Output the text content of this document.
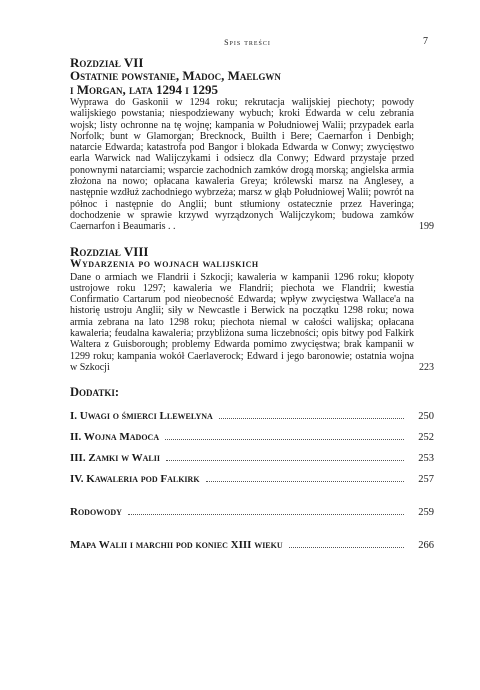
Spis treści	7
Rozdział VII
Ostatnie powstanie, Madoc, Maelgwn
i Morgan, lata 1294 i 1295
Wyprawa do Gaskonii w 1294 roku; rekrutacja walijskiej piechoty; powody walijskiego powstania; niespodziewany wybuch; kroki Edwarda w celu zebrania wojsk; listy ochronne na tę wojnę; kampania w Południowej Walii; przypadek earla Norfolk; bunt w Glamorgan; Brecknock, Builth i Bere; Caernarfon i Denbigh; natarcie Edwarda; katastrofa pod Bangor i blokada Edwarda w Conwy; zwycięstwo earla Warwick nad Walijczykami i odsiecz dla Conwy; Edward przystaje przed ponownymi natarciami; wsparcie zachodnich zamków drogą morską; angielska armia złożona na nowo; opłacana kawaleria Greya; królewski marsz na Anglesey, a następnie wzdłuż zachodniego wybrzeża; marsz w głąb Południowej Walii; powrót na północ i następnie do Anglii; bunt stłumiony ostatecznie przez Haveringa; dochodzenie w sprawie krzywd wyrządzonych Walijczykom; budowa zamków Caernarfon i Beaumaris . .	199
Rozdział VIII
Wydarzenia po wojnach walijskich
Dane o armiach we Flandrii i Szkocji; kawaleria w kampanii 1296 roku; kłopoty ustrojowe roku 1297; kawaleria we Flandrii; piechota we Flandrii; kwestia Confirmatio Cartarum pod nieobecność Edwarda; wpływ zwycięstwa Wallace'a na historię ustroju Anglii; siły w Newcastle i Berwick na początku 1298 roku; nowa armia zebrana na lato 1298 roku; piechota niemal w całości walijska; opłacana kawaleria; feudalna kawaleria; przybliżona suma liczebności; opis bitwy pod Falkirk Waltera z Guisborough; problemy Edwarda pomimo zwycięstwa; brak kampanii w 1299 roku; kampania wokół Caerlaverock; Edward i jego baronowie; ostatnia wojna w Szkocji	223
Dodatki:
I. Uwagi o śmierci Llewelyna	250
II. Wojna Madoca	252
III. Zamki w Walii	253
IV. Kawaleria pod Falkirk	257
Rodowody	259
Mapa Walii i marchii pod koniec XIII wieku	266
